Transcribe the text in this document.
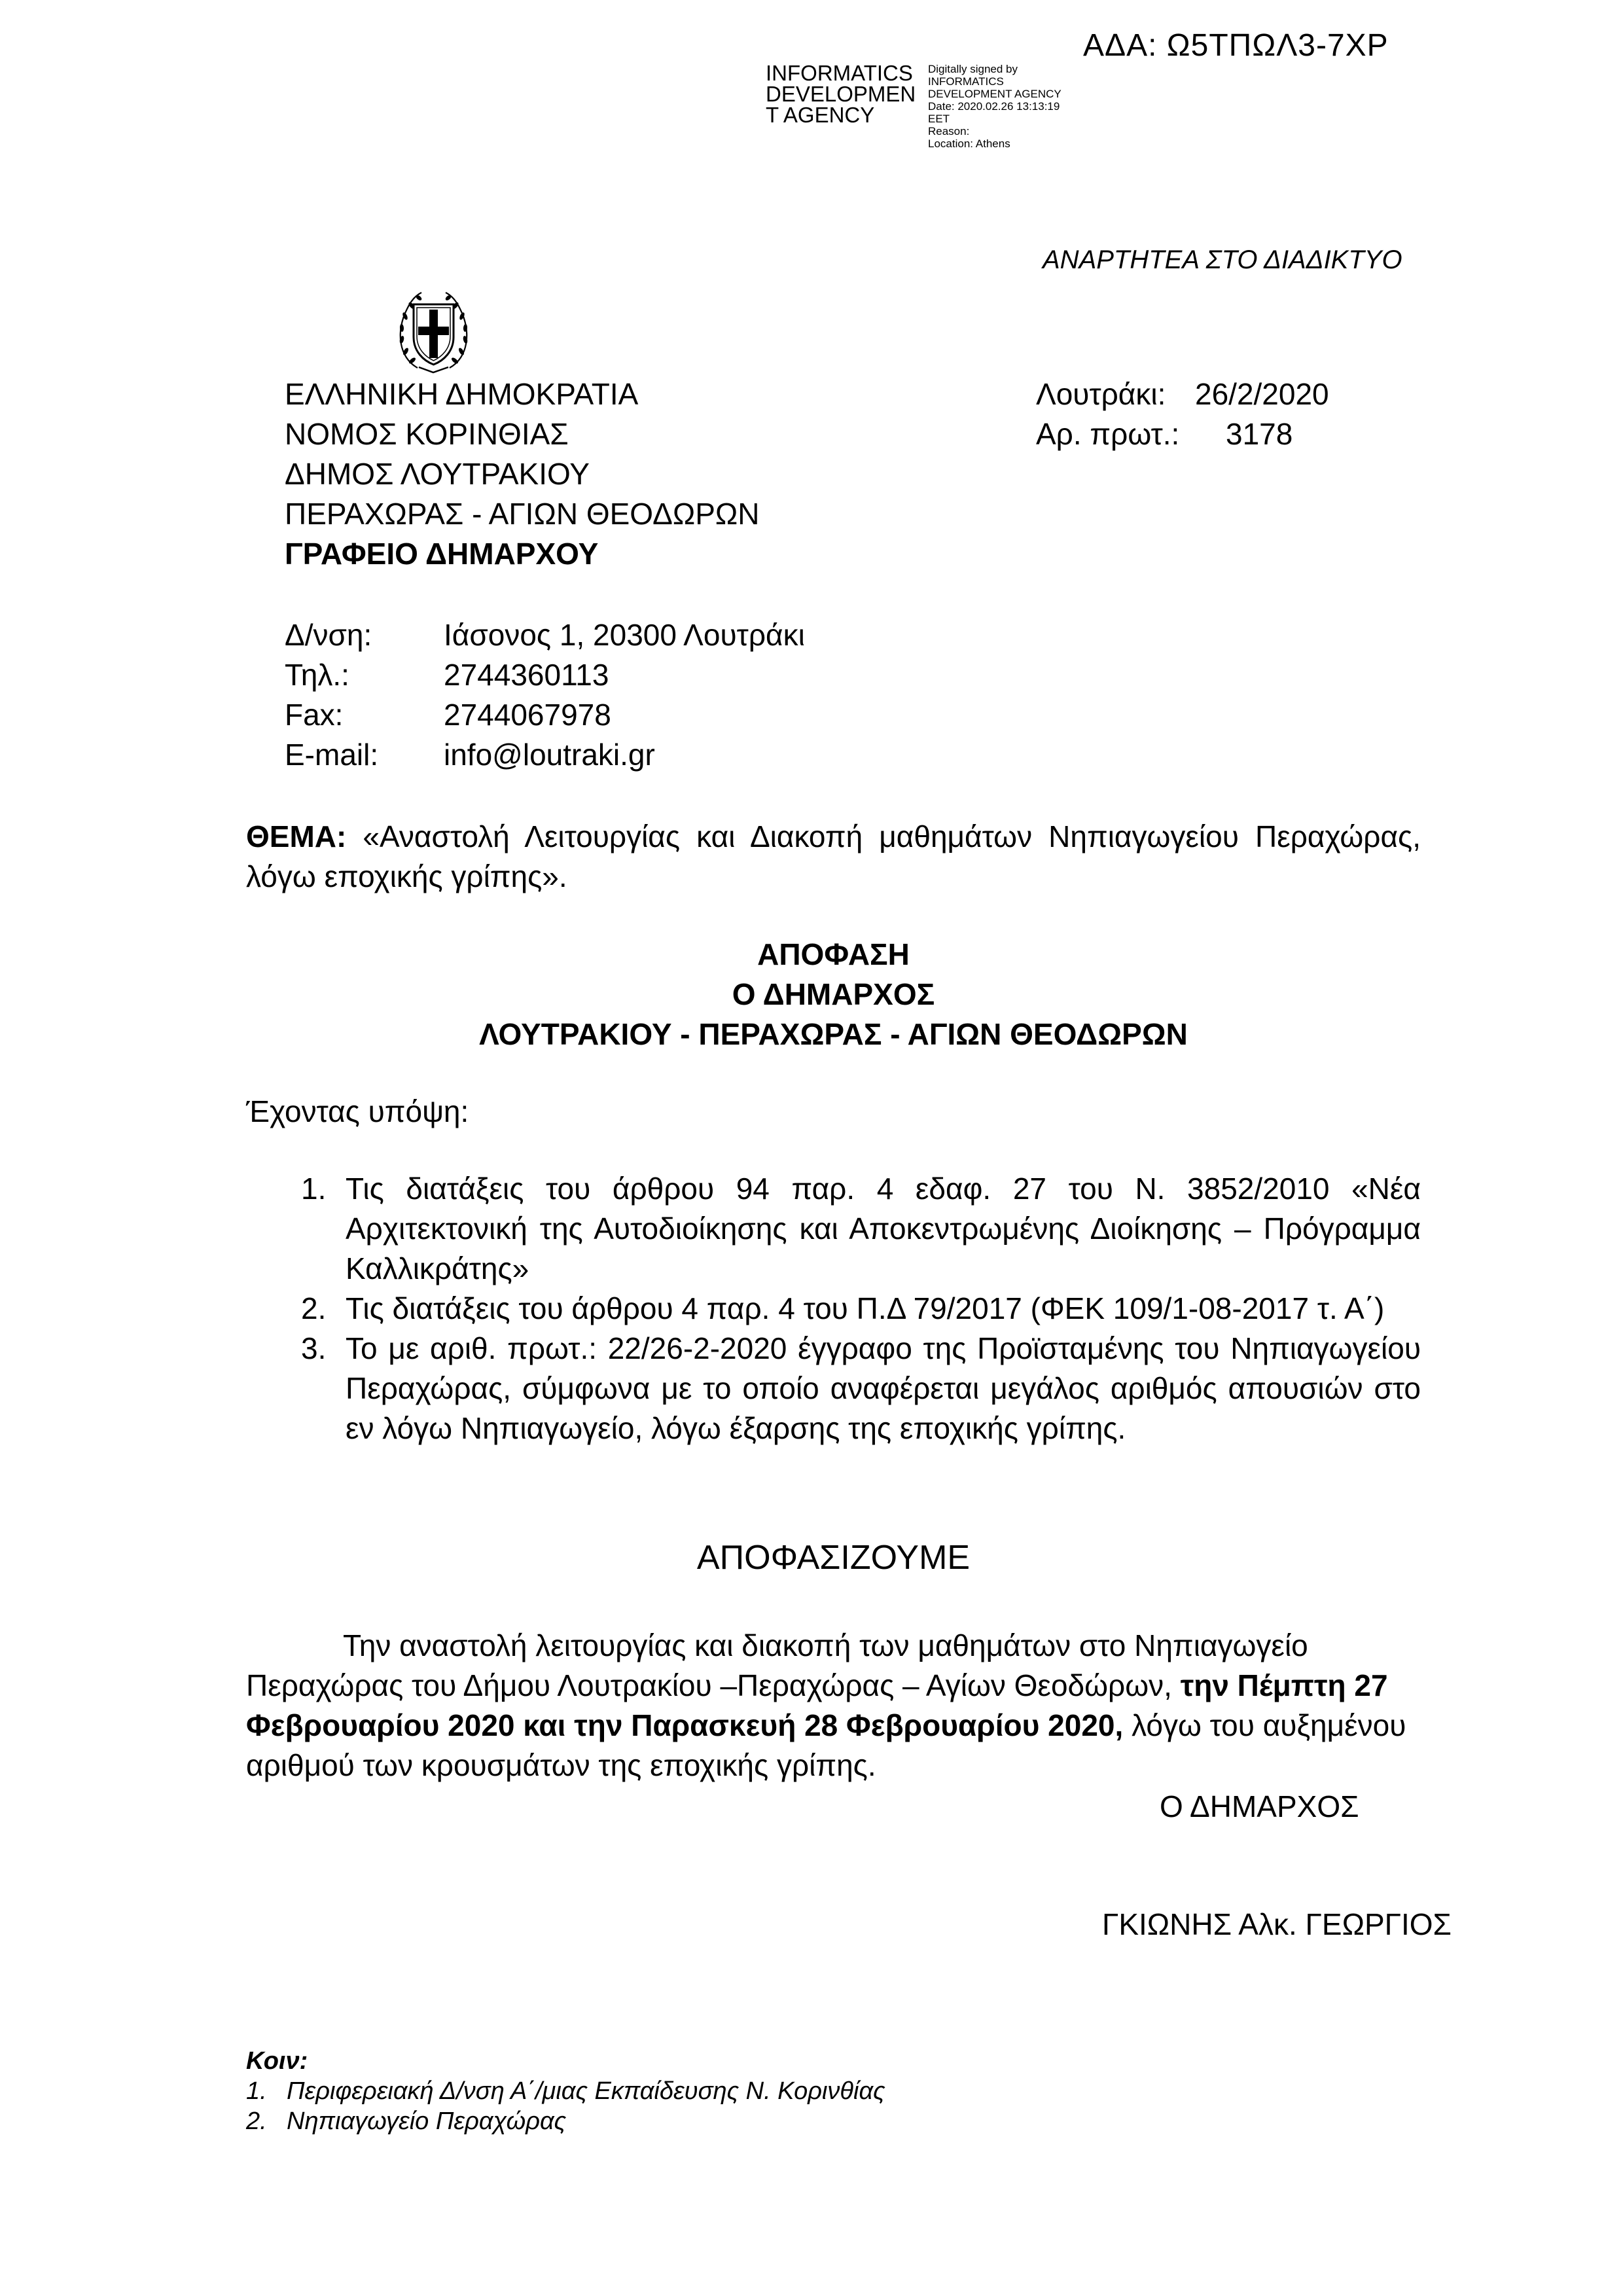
ΑΔΑ: Ω5ΤΠΩΛ3-7ΧΡ
INFORMATICS
DEVELOPMEN
T AGENCY
Digitally signed by
INFORMATICS
DEVELOPMENT AGENCY
Date: 2020.02.26 13:13:19
EET
Reason:
Location: Athens
ΑΝΑΡΤΗΤΕΑ ΣΤΟ ΔΙΑΔΙΚΤΥΟ
ΕΛΛΗΝΙΚΗ ΔΗΜΟΚΡΑΤΙΑ
ΝΟΜΟΣ ΚΟΡΙΝΘΙΑΣ
ΔΗΜΟΣ ΛΟΥΤΡΑΚΙΟΥ
ΠΕΡΑΧΩΡΑΣ - ΑΓΙΩΝ ΘΕΟΔΩΡΩΝ
ΓΡΑΦΕΙΟ ΔΗΜΑΡΧΟΥ
Λουτράκι: 26/2/2020
Αρ. πρωτ.: 3178
Δ/νση: Ιάσονος 1, 20300 Λουτράκι
Τηλ.:	2744360113
Fax:	2744067978
E-mail: info@loutraki.gr
ΘΕΜΑ: «Αναστολή Λειτουργίας και Διακοπή μαθημάτων Νηπιαγωγείου Περαχώρας, λόγω εποχικής γρίπης».
ΑΠΟΦΑΣΗ
Ο ΔΗΜΑΡΧΟΣ
ΛΟΥΤΡΑΚΙΟΥ - ΠΕΡΑΧΩΡΑΣ - ΑΓΙΩΝ ΘΕΟΔΩΡΩΝ
Έχοντας υπόψη:
1. Τις διατάξεις του άρθρου 94 παρ. 4 εδαφ. 27 του Ν. 3852/2010 «Νέα Αρχιτεκτονική της Αυτοδιοίκησης και Αποκεντρωμένης Διοίκησης – Πρόγραμμα Καλλικράτης»
2. Τις διατάξεις του άρθρου 4 παρ. 4 του Π.Δ 79/2017 (ΦΕΚ 109/1-08-2017 τ. Α΄)
3. Το με αριθ. πρωτ.: 22/26-2-2020 έγγραφο της Προϊσταμένης του Νηπιαγωγείου Περαχώρας, σύμφωνα με το οποίο αναφέρεται μεγάλος αριθμός απουσιών στο εν λόγω Νηπιαγωγείο, λόγω έξαρσης της εποχικής γρίπης.
ΑΠΟΦΑΣΙΖΟΥΜΕ

Την αναστολή λειτουργίας και διακοπή των μαθημάτων στο Νηπιαγωγείο Περαχώρας του Δήμου Λουτρακίου –Περαχώρας – Αγίων Θεοδώρων, την Πέμπτη 27 Φεβρουαρίου 2020 και την Παρασκευή 28 Φεβρουαρίου 2020, λόγω του αυξημένου αριθμού των κρουσμάτων της εποχικής γρίπης.

Ο ΔΗΜΑΡΧΟΣ
ΓΚΙΩΝΗΣ Αλκ. ΓΕΩΡΓΙΟΣ
Κοιν:
1. Περιφερειακή Δ/νση Α΄/μιας Εκπαίδευσης Ν. Κορινθίας
2. Νηπιαγωγείο Περαχώρας
